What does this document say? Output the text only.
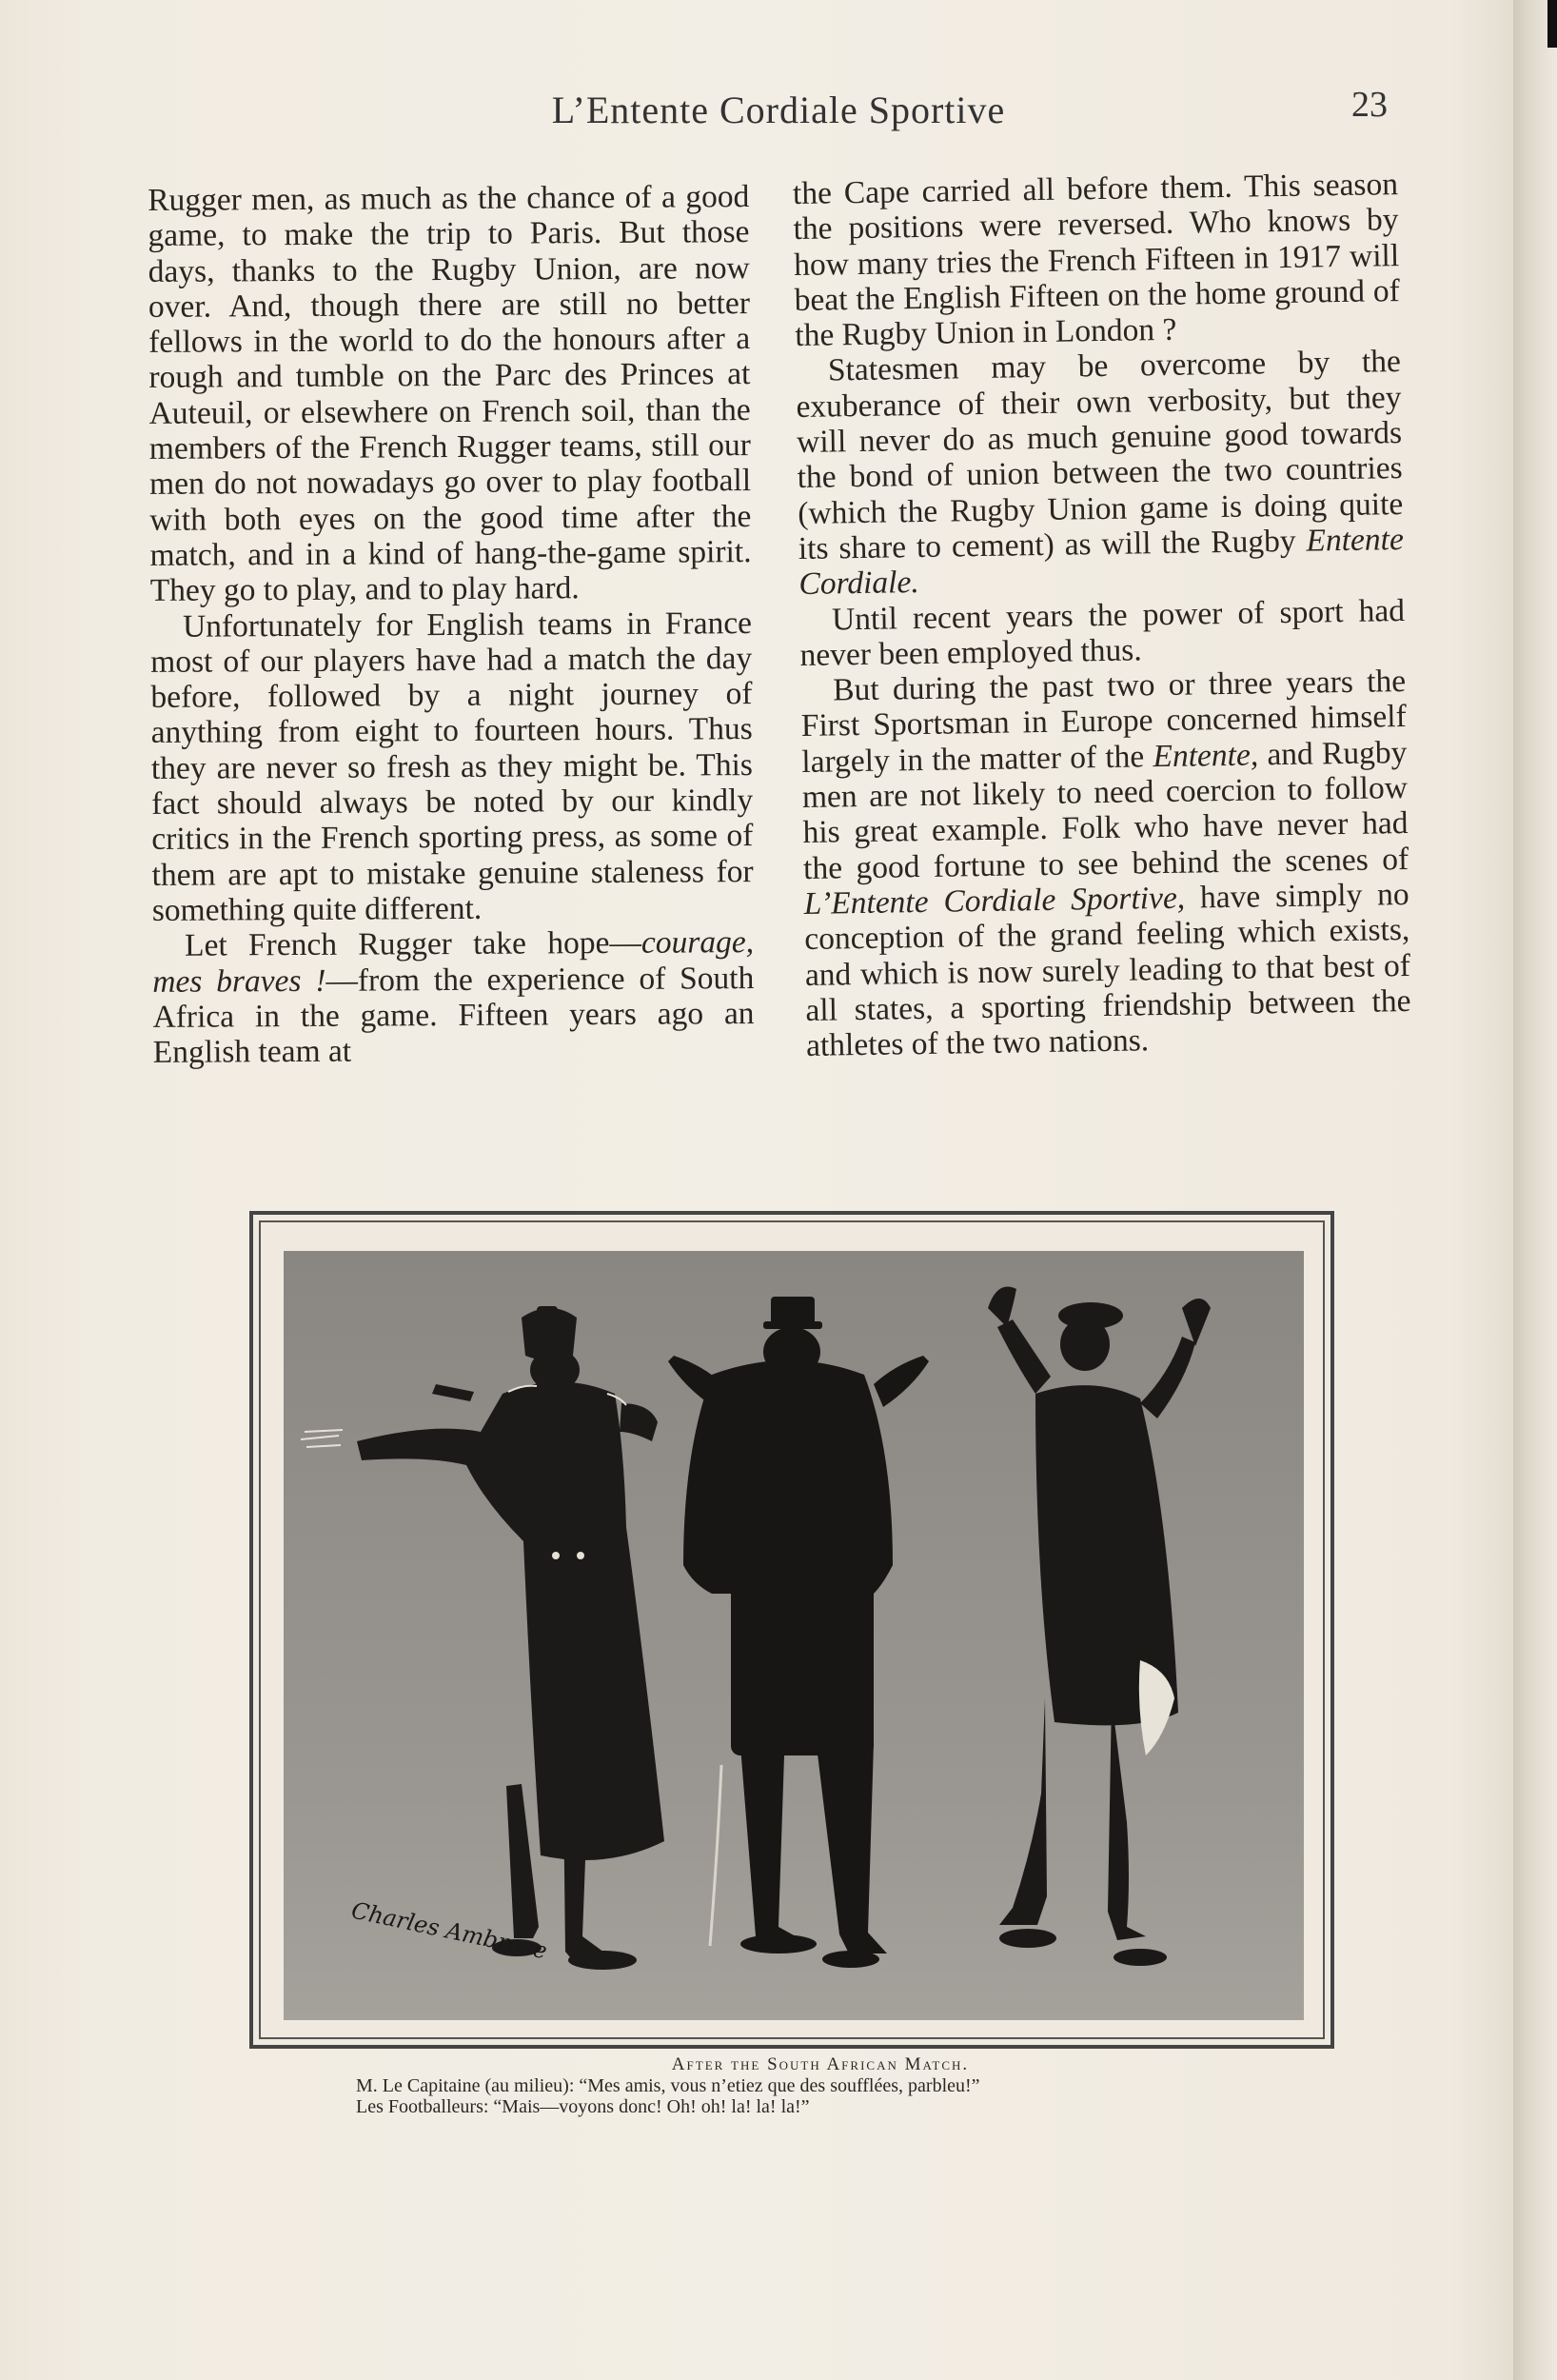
L’Entente Cordiale Sportive	23

Rugger men, as much as the chance of a good game, to make the trip to Paris. But those days, thanks to the Rugby Union, are now over. And, though there are still no better fellows in the world to do the honours after a rough and tumble on the Parc des Princes at Auteuil, or elsewhere on French soil, than the members of the French Rugger teams, still our men do not nowadays go over to play football with both eyes on the good time after the match, and in a kind of hang-the-game spirit. They go to play, and to play hard.

Unfortunately for English teams in France most of our players have had a match the day before, followed by a night journey of anything from eight to fourteen hours. Thus they are never so fresh as they might be. This fact should always be noted by our kindly critics in the French sporting press, as some of them are apt to mistake genuine staleness for something quite different.

Let French Rugger take hope—courage, mes braves !—from the experience of South Africa in the game. Fifteen years ago an English team at

the Cape carried all before them. This season the positions were reversed. Who knows by how many tries the French Fifteen in 1917 will beat the English Fifteen on the home ground of the Rugby Union in London ?

Statesmen may be overcome by the exuberance of their own verbosity, but they will never do as much genuine good towards the bond of union between the two countries (which the Rugby Union game is doing quite its share to cement) as will the Rugby Entente Cordiale.

Until recent years the power of sport had never been employed thus.

But during the past two or three years the First Sportsman in Europe concerned himself largely in the matter of the Entente, and Rugby men are not likely to need coercion to follow his great example. Folk who have never had the good fortune to see behind the scenes of L’Entente Cordiale Sportive, have simply no conception of the grand feeling which exists, and which is now surely leading to that best of all states, a sporting friendship between the athletes of the two nations.

Charles Ambrose
After the South African Match.
M. Le Capitaine (au milieu): “Mes amis, vous n’etiez que des soufflées, parbleu!”
Les Footballeurs: “Mais—voyons donc! Oh! oh! la! la! la!”
